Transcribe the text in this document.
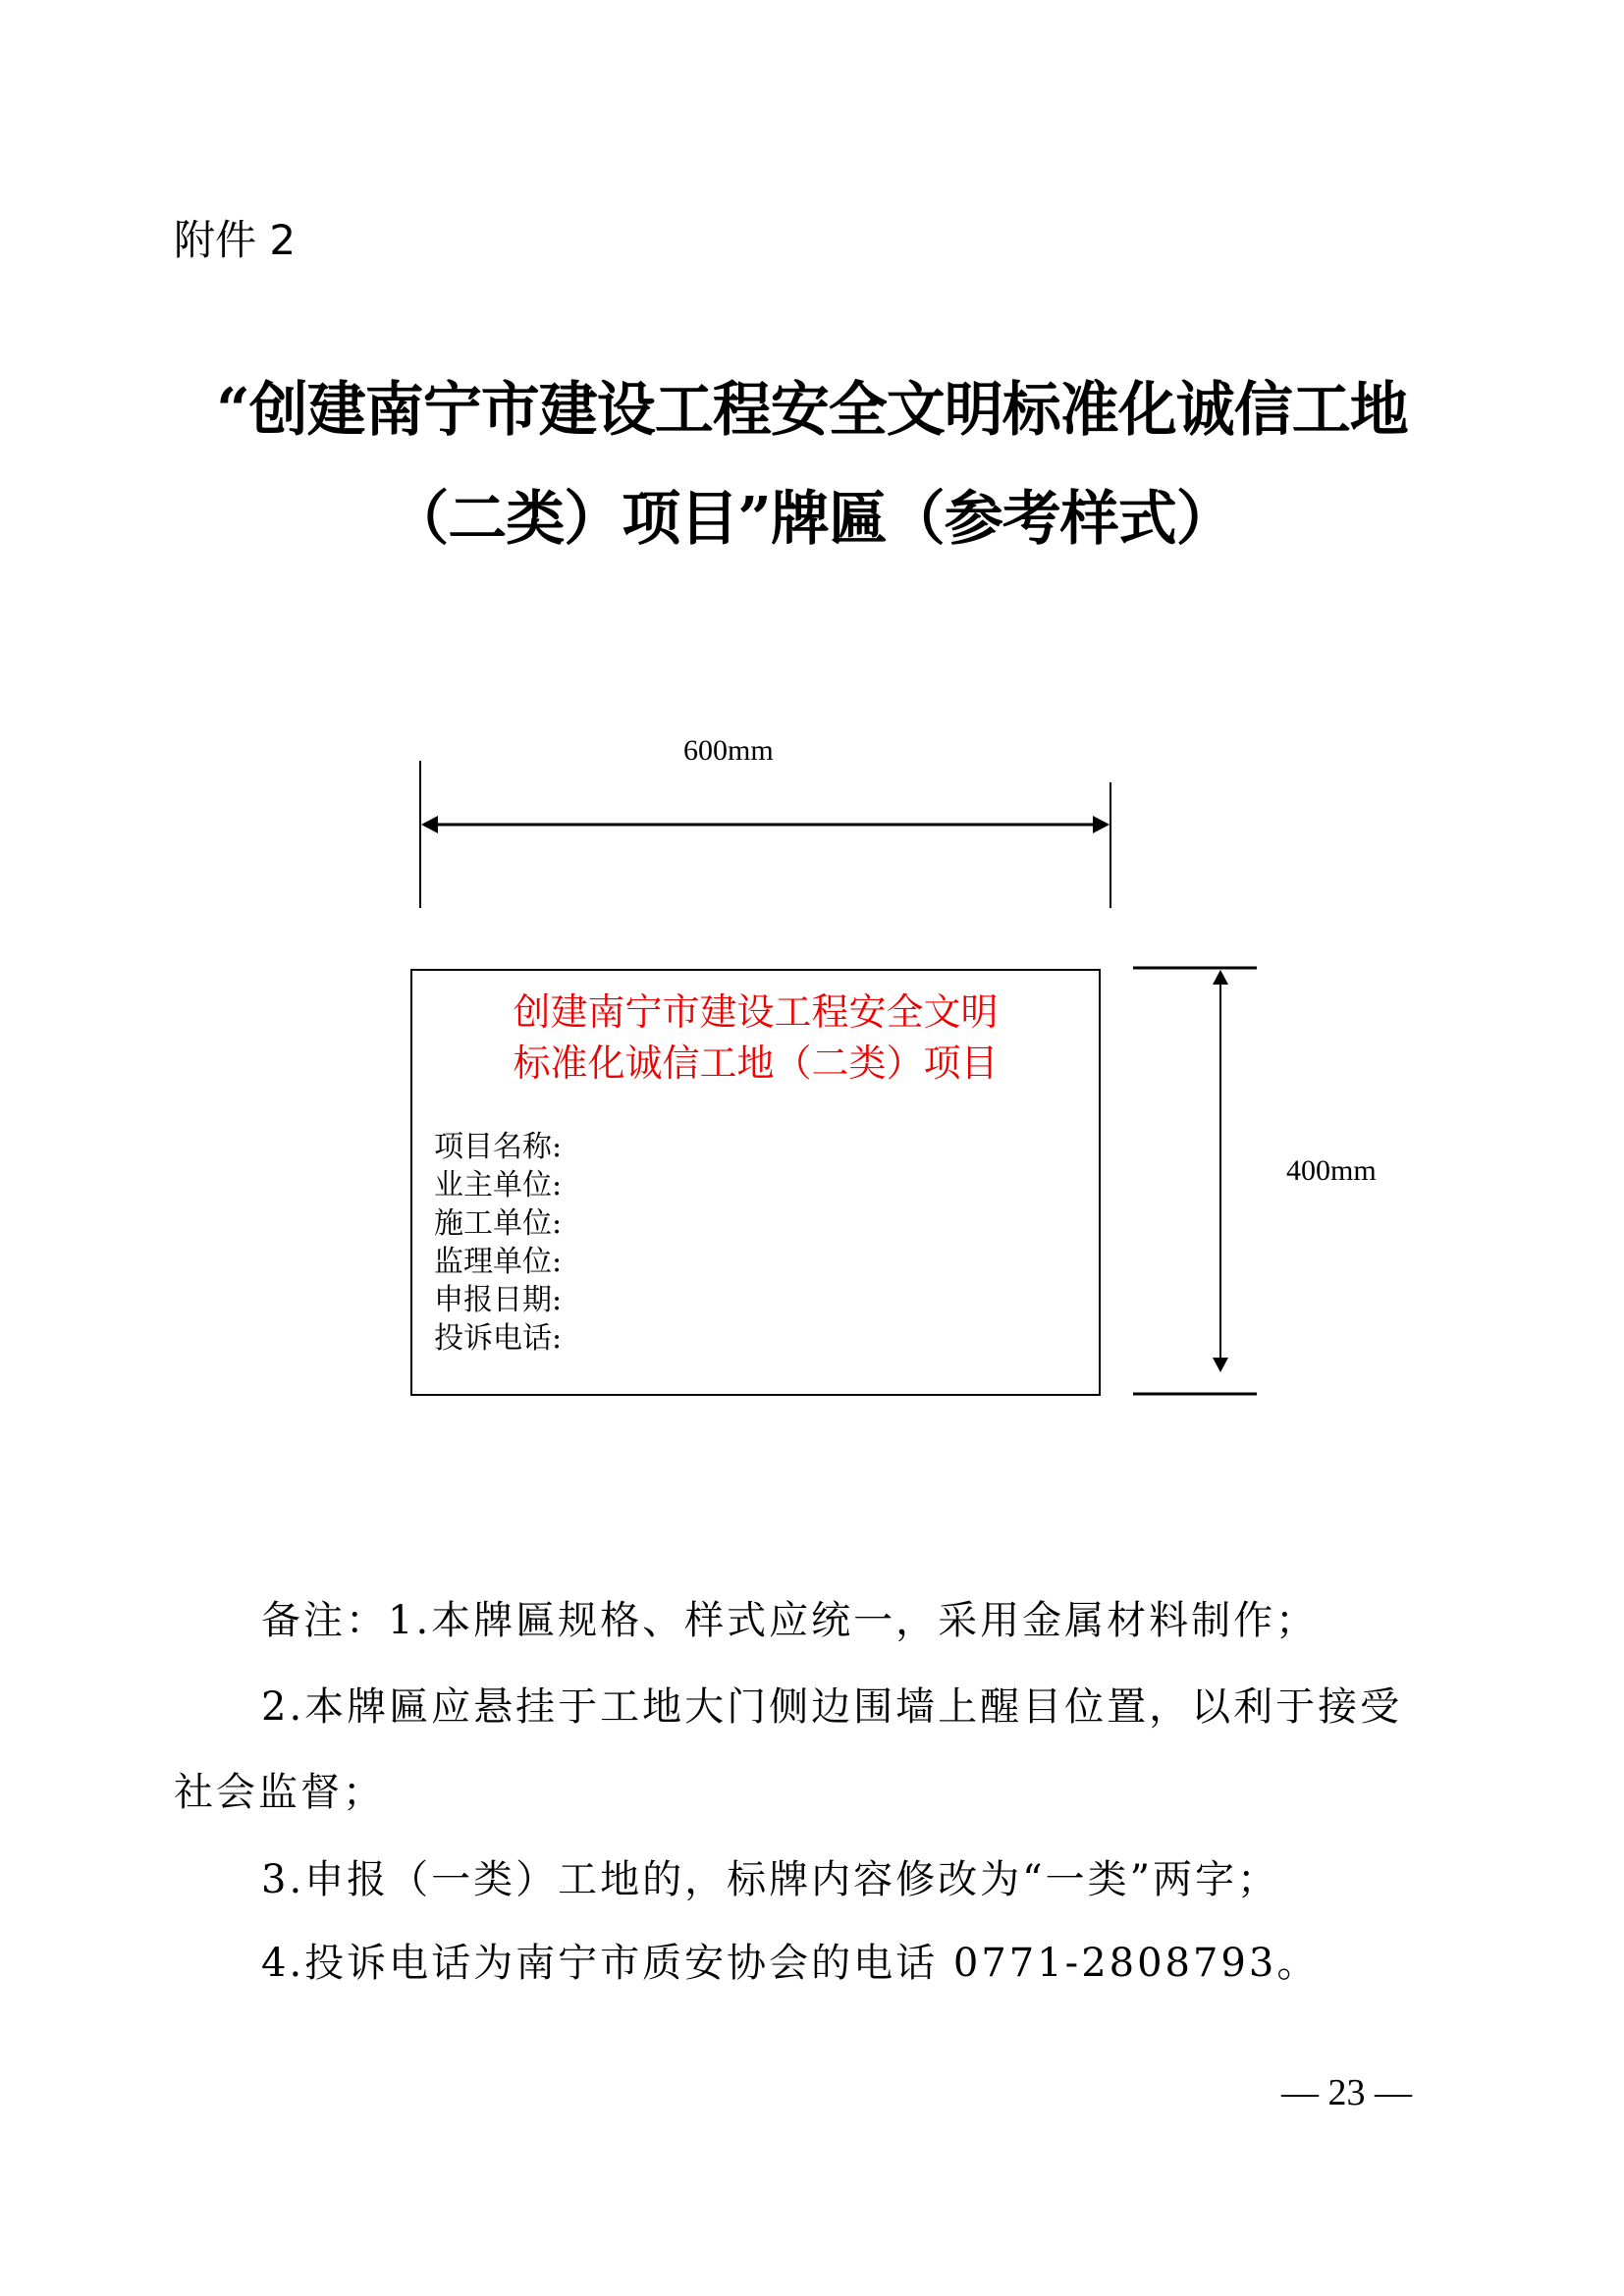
附件 2
“创建南宁市建设工程安全文明标准化诚信工地
（二类）项目”牌匾（参考样式）
600mm
400mm
创建南宁市建设工程安全文明
标准化诚信工地（二类）项目
项目名称:
业主单位:
施工单位:
监理单位:
申报日期:
投诉电话:
备注：1.本牌匾规格、样式应统一，采用金属材料制作；
2.本牌匾应悬挂于工地大门侧边围墙上醒目位置，以利于接受
社会监督；
3.申报（一类）工地的，标牌内容修改为“一类”两字；
4.投诉电话为南宁市质安协会的电话 0771-2808793。
— 23 —
